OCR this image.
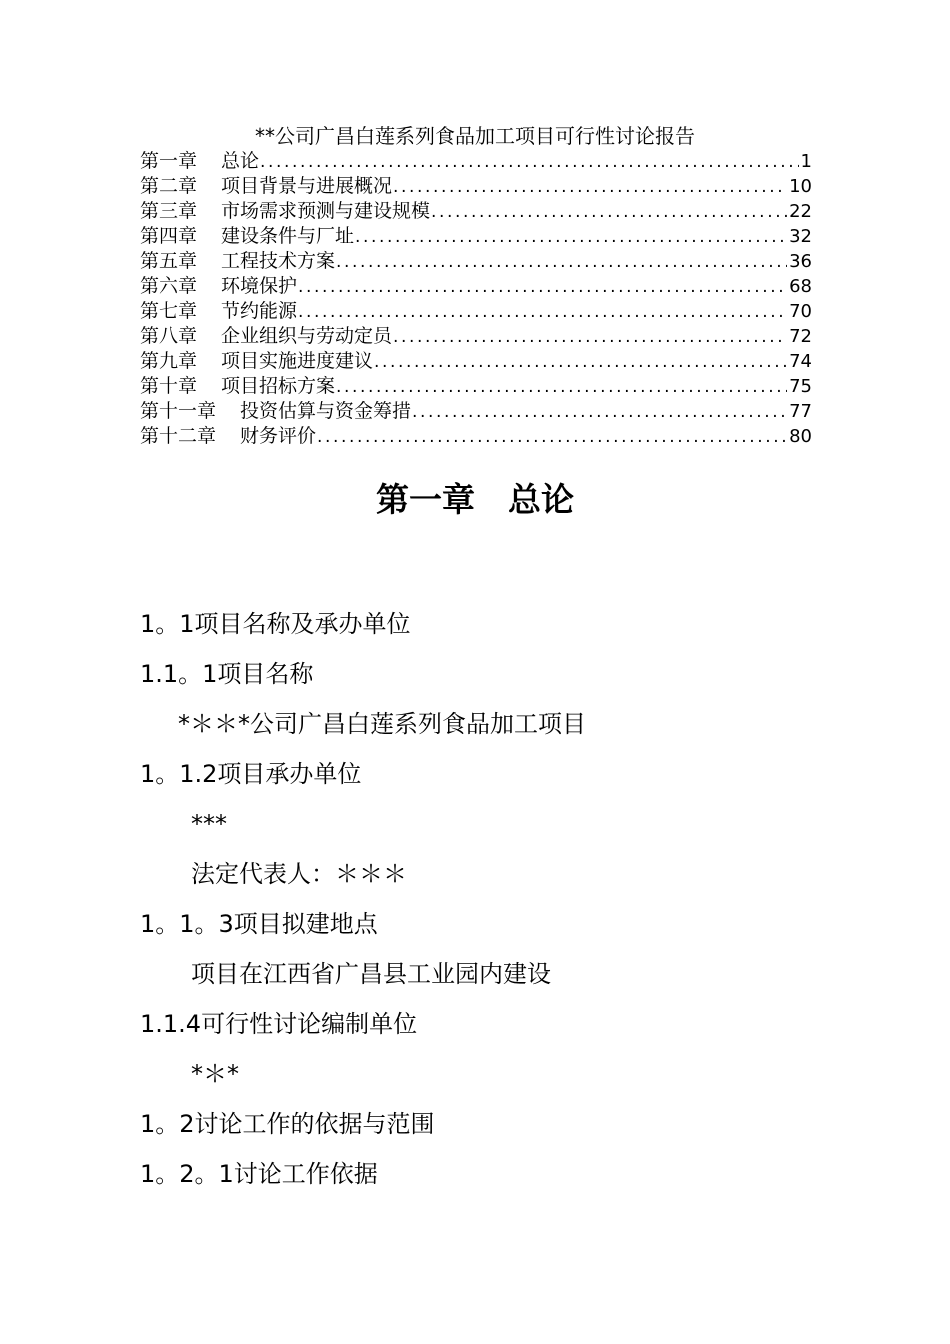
**公司广昌白莲系列食品加工项目可行性讨论报告
第一章 总论 .....	1
第二章 项目背景与进展概况 .....	10
第三章 市场需求预测与建设规模 .....	22
第四章 建设条件与厂址 .....	32
第五章 工程技术方案 .....	36
第六章 环境保护 .....	68
第七章 节约能源 .....	70
第八章 企业组织与劳动定员 .....	72
第九章 项目实施进度建议 .....	74
第十章 项目招标方案 .....	75
第十一章 投资估算与资金筹措 .....	77
第十二章 财务评价 .....	80
第一章　总论
1。1项目名称及承办单位
1.1。1项目名称
*＊＊*公司广昌白莲系列食品加工项目
1。1.2项目承办单位
***
法定代表人：＊＊＊
1。1。3项目拟建地点
项目在江西省广昌县工业园内建设
1.1.4可行性讨论编制单位
*＊*
1。2讨论工作的依据与范围
1。2。1讨论工作依据
